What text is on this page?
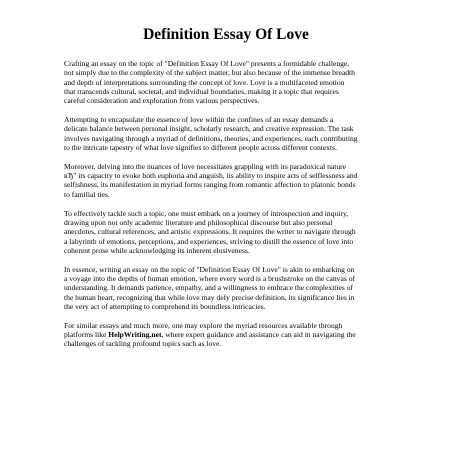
Definition Essay Of Love

Crafting an essay on the topic of "Definition Essay Of Love" presents a formidable challenge,
not simply due to the complexity of the subject matter, but also because of the immense breadth
and depth of interpretations surrounding the concept of love. Love is a multifaceted emotion
that transcends cultural, societal, and individual boundaries, making it a topic that requires
careful consideration and exploration from various perspectives.

Attempting to encapsulate the essence of love within the confines of an essay demands a
delicate balance between personal insight, scholarly research, and creative expression. The task
involves navigating through a myriad of definitions, theories, and experiences, each contributing
to the intricate tapestry of what love signifies to different people across different contexts.

Moreover, delving into the nuances of love necessitates grappling with its paradoxical nature
вЂ" its capacity to evoke both euphoria and anguish, its ability to inspire acts of selflessness and
selfishness, its manifestation in myriad forms ranging from romantic affection to platonic bonds
to familial ties.

To effectively tackle such a topic, one must embark on a journey of introspection and inquiry,
drawing upon not only academic literature and philosophical discourse but also personal
anecdotes, cultural references, and artistic expressions. It requires the writer to navigate through
a labyrinth of emotions, perceptions, and experiences, striving to distill the essence of love into
coherent prose while acknowledging its inherent elusiveness.

In essence, writing an essay on the topic of "Definition Essay Of Love" is akin to embarking on
a voyage into the depths of human emotion, where every word is a brushstroke on the canvas of
understanding. It demands patience, empathy, and a willingness to embrace the complexities of
the human heart, recognizing that while love may defy precise definition, its significance lies in
the very act of attempting to comprehend its boundless intricacies.

For similar essays and much more, one may explore the myriad resources available through
platforms like HelpWriting.net, where expert guidance and assistance can aid in navigating the
challenges of tackling profound topics such as love.
